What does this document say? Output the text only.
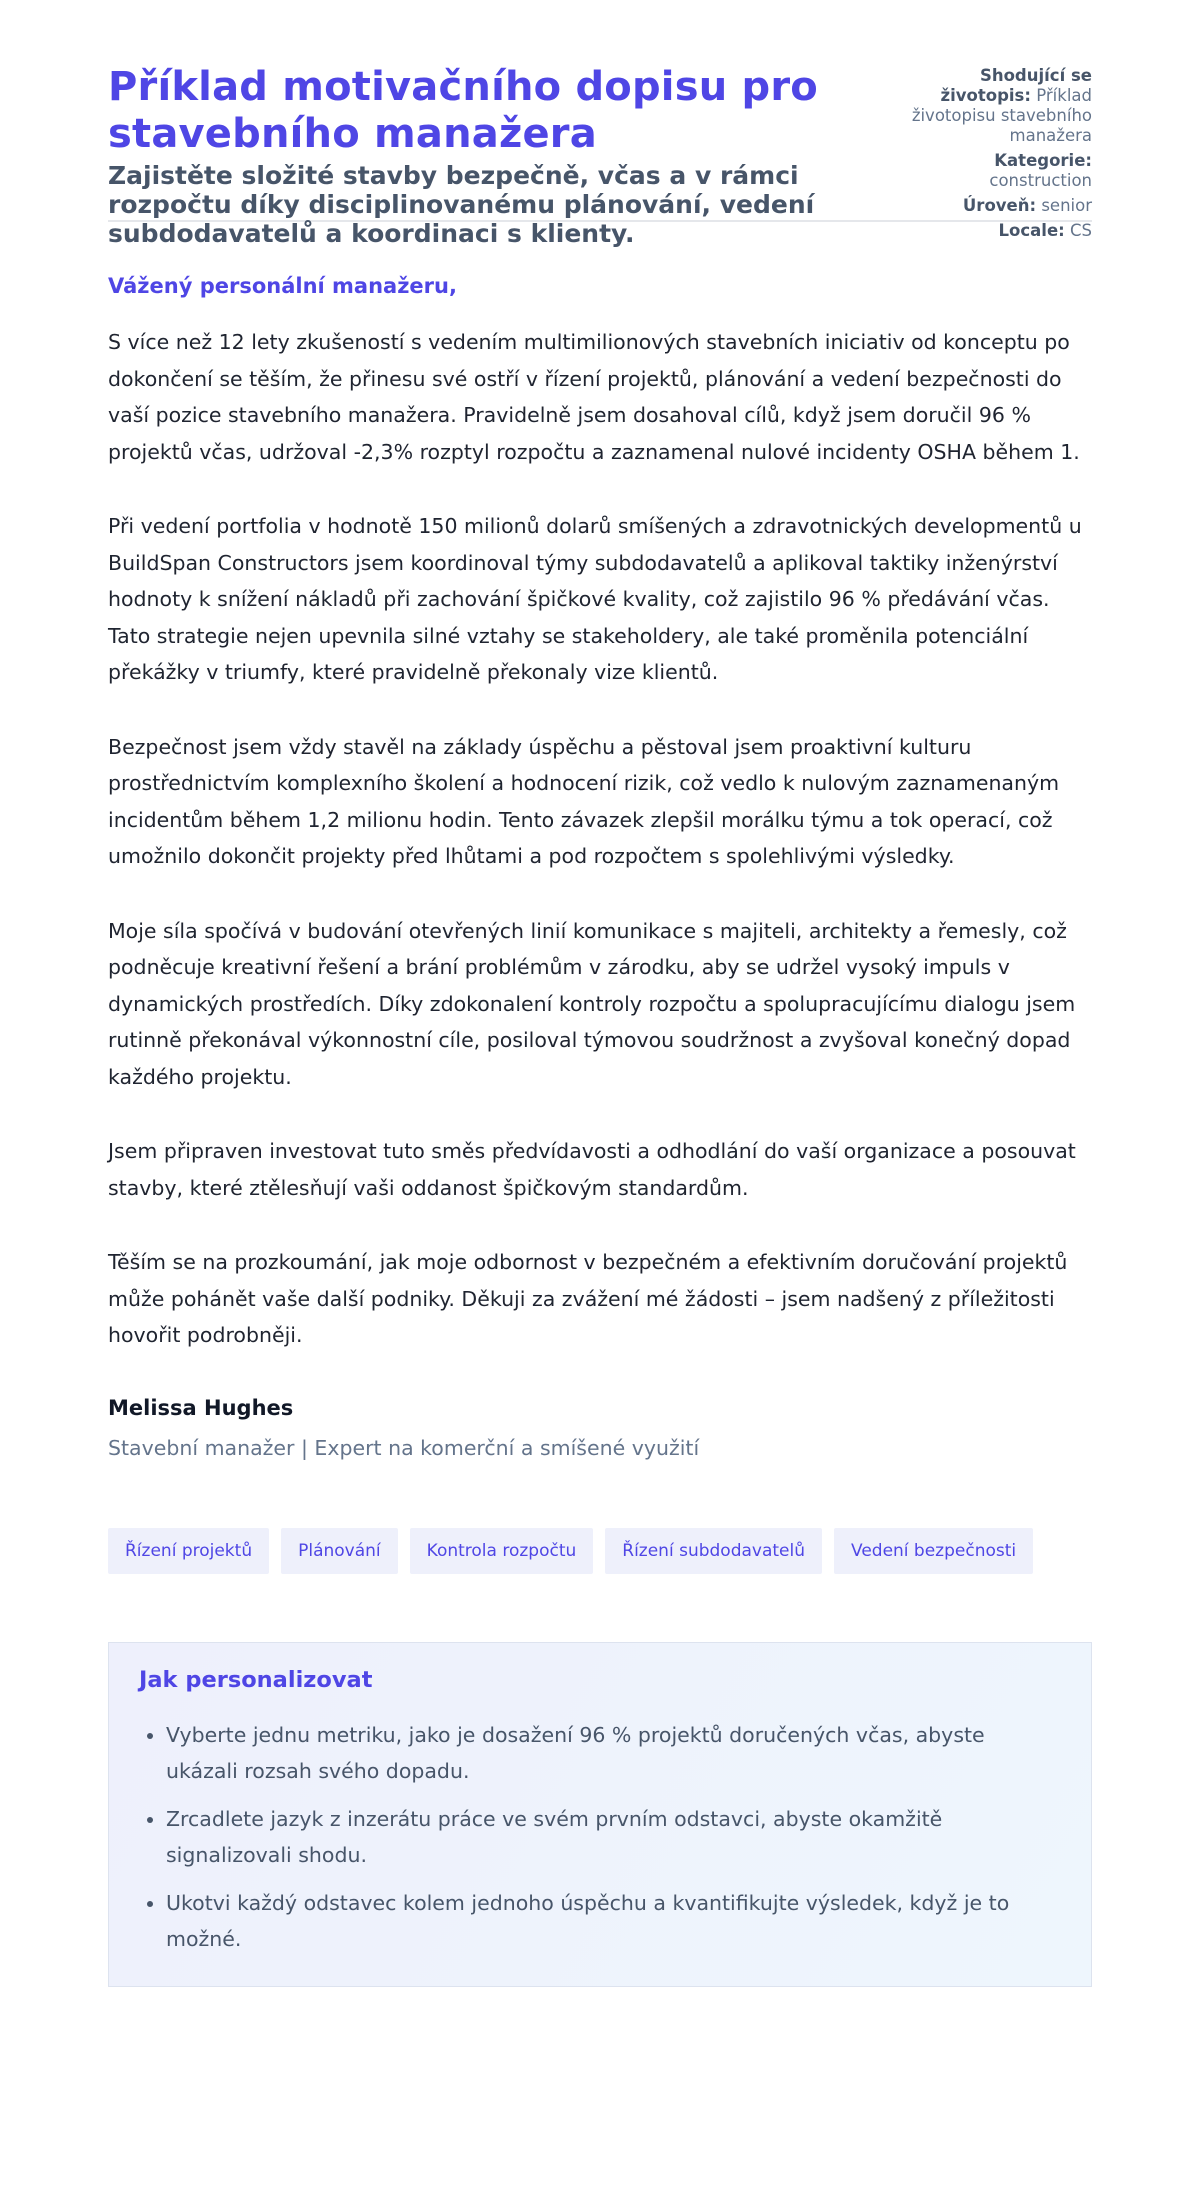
Příklad motivačního dopisu pro stavebního manažera
Zajistěte složité stavby bezpečně, včas a v rámci rozpočtu díky disciplinovanému plánování, vedení subdodavatelů a koordinaci s klienty.
Shodující se životopis: Příklad životopisu stavebního manažera
Kategorie: construction
Úroveň: senior
Locale: CS

Vážený personální manažeru,

S více než 12 lety zkušeností s vedením multimilionových stavebních iniciativ od konceptu po dokončení se těším, že přinesu své ostří v řízení projektů, plánování a vedení bezpečnosti do vaší pozice stavebního manažera. Pravidelně jsem dosahoval cílů, když jsem doručil 96 % projektů včas, udržoval -2,3% rozptyl rozpočtu a zaznamenal nulové incidenty OSHA během 1.

Při vedení portfolia v hodnotě 150 milionů dolarů smíšených a zdravotnických developmentů u BuildSpan Constructors jsem koordinoval týmy subdodavatelů a aplikoval taktiky inženýrství hodnoty k snížení nákladů při zachování špičkové kvality, což zajistilo 96 % předávání včas. Tato strategie nejen upevnila silné vztahy se stakeholdery, ale také proměnila potenciální překážky v triumfy, které pravidelně překonaly vize klientů.

Bezpečnost jsem vždy stavěl na základy úspěchu a pěstoval jsem proaktivní kulturu prostřednictvím komplexního školení a hodnocení rizik, což vedlo k nulovým zaznamenaným incidentům během 1,2 milionu hodin. Tento závazek zlepšil morálku týmu a tok operací, což umožnilo dokončit projekty před lhůtami a pod rozpočtem s spolehlivými výsledky.

Moje síla spočívá v budování otevřených linií komunikace s majiteli, architekty a řemesly, což podněcuje kreativní řešení a brání problémům v zárodku, aby se udržel vysoký impuls v dynamických prostředích. Díky zdokonalení kontroly rozpočtu a spolupracujícímu dialogu jsem rutinně překonával výkonnostní cíle, posiloval týmovou soudržnost a zvyšoval konečný dopad každého projektu.

Jsem připraven investovat tuto směs předvídavosti a odhodlání do vaší organizace a posouvat stavby, které ztělesňují vaši oddanost špičkovým standardům.

Těším se na prozkoumání, jak moje odbornost v bezpečném a efektivním doručování projektů může pohánět vaše další podniky. Děkuji za zvážení mé žádosti – jsem nadšený z příležitosti hovořit podrobněji.

Melissa Hughes
Stavební manažer | Expert na komerční a smíšené využití
Řízení projektů	Plánování	Kontrola rozpočtu	Řízení subdodavatelů	Vedení bezpečnosti
Jak personalizovat
• Vyberte jednu metriku, jako je dosažení 96 % projektů doručených včas, abyste ukázali rozsah svého dopadu.
• Zrcadlete jazyk z inzerátu práce ve svém prvním odstavci, abyste okamžitě signalizovali shodu.
• Ukotvi každý odstavec kolem jednoho úspěchu a kvantifikujte výsledek, když je to možné.
